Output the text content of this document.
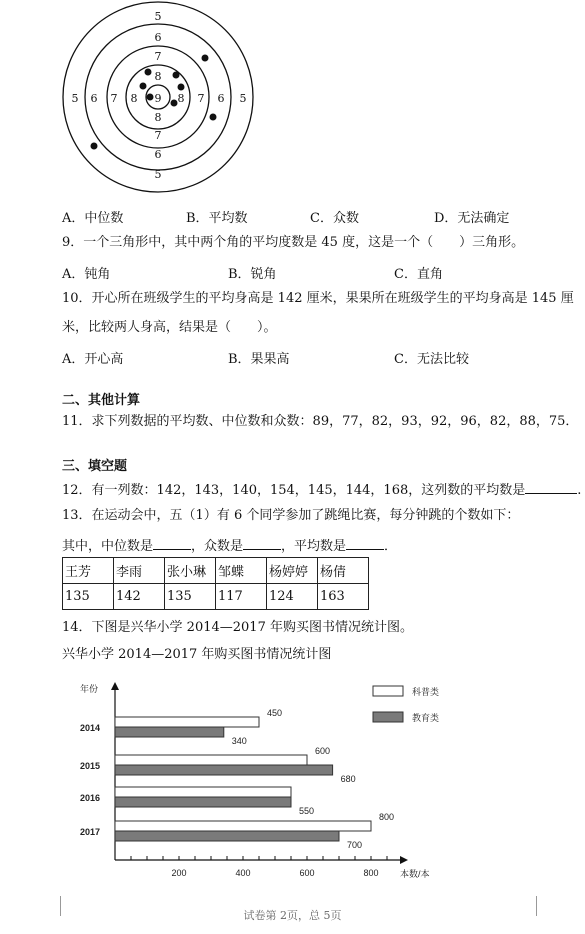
5
6
7
8
9
5 6 7 8	8 7 6 5
8
7
6
5
A．中位数	B．平均数	C．众数	D．无法确定
9．一个三角形中，其中两个角的平均度数是 45 度，这是一个（　　）三角形。
A．钝角	B．锐角	C．直角
10．开心所在班级学生的平均身高是 142 厘米，果果所在班级学生的平均身高是 145 厘
米，比较两人身高，结果是（　　）。
A．开心高	B．果果高	C．无法比较
二、其他计算
11．求下列数据的平均数、中位数和众数：89，77，82，93，92，96，82，88，75．
三、填空题
12．有一列数：142，143，140，154，145，144，168，这列数的平均数是	.
13．在运动会中，五（1）有 6 个同学参加了跳绳比赛，每分钟跳的个数如下：
其中，中位数是	，众数是	，平均数是	．
王芳	李雨	张小琳	邹蝶	杨婷婷	杨倩
135	142	135	117	124	163
14．下图是兴华小学 2014—2017 年购买图书情况统计图。
兴华小学 2014—2017 年购买图书情况统计图
年份
本数/本
200	400	600	800
2014
450
340
2015
600
680
2016
550
2017
800
700
科普类
教育类
试卷第 2页，总 5页
